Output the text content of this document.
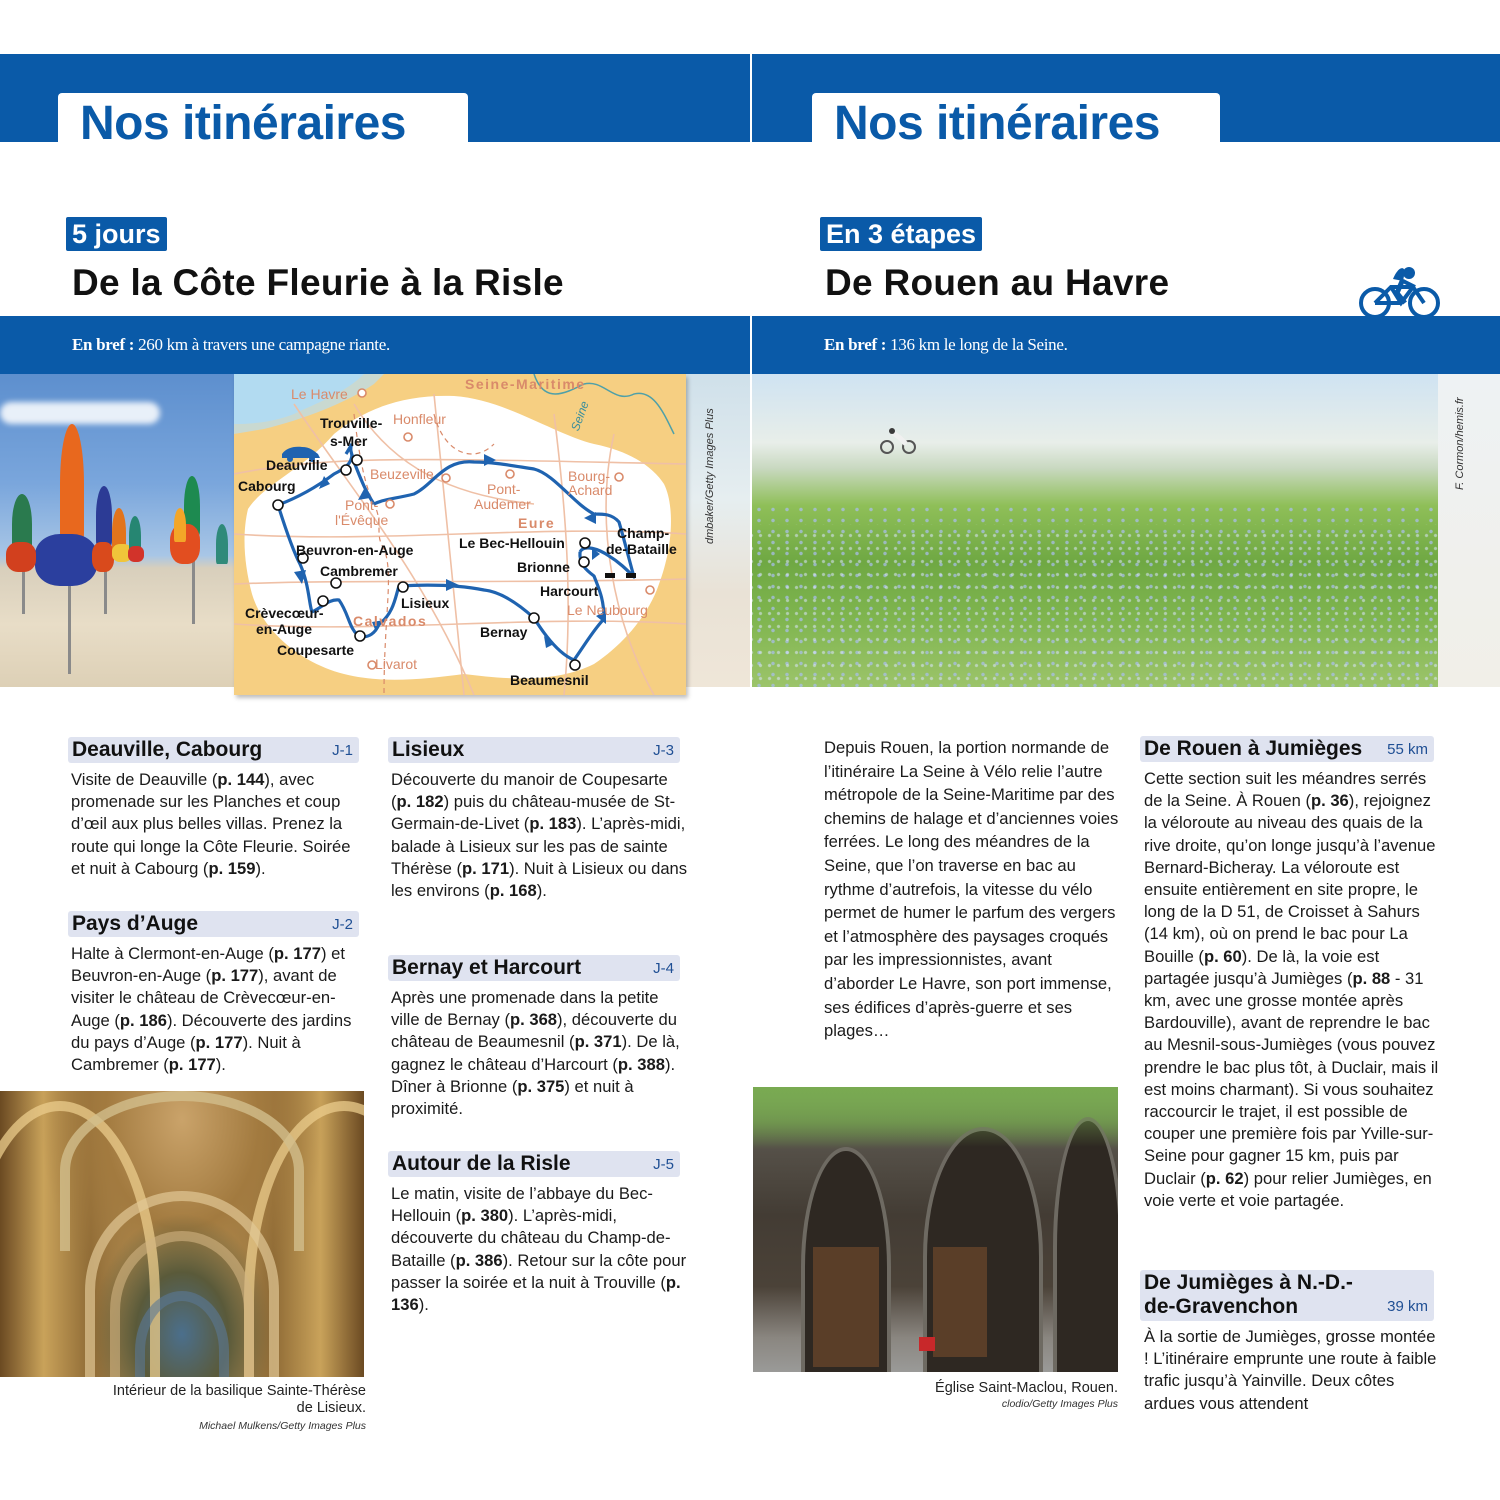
Nos itinéraires
5 jours
De la Côte Fleurie à la Risle
En bref : 260 km à travers une campagne riante.
dmbaker/Getty Images Plus
Le Havre
Seine-Maritime
Seine
Trouville-
s-Mer
Honfleur
Deauville
Beuzeville	Bourg-
Achard
Cabourg
Pont-
l'Évêque
Pont-
Audemer
Eure
Champ-
de-Bataille
Le Bec-Hellouin
Beuvron-en-Auge
Brionne
Cambremer
Harcourt
Lisieux	Le Neubourg
Crèvecœur-
en-Auge	Calvados
Bernay
Coupesarte
Livarot
Beaumesnil
Deauville, Cabourg	J-1
Visite de Deauville (p. 144), avec promenade sur les Planches et coup d’œil aux plus belles villas. Prenez la route qui longe la Côte Fleurie. Soirée et nuit à Cabourg (p. 159).
Pays d’Auge	J-2
Halte à Clermont-en-Auge (p. 177) et Beuvron-en-Auge (p. 177), avant de visiter le château de Crèvecœur-en-Auge (p. 186). Découverte des jardins du pays d’Auge (p. 177). Nuit à Cambremer (p. 177).
Lisieux	J-3
Découverte du manoir de Coupesarte (p. 182) puis du château-musée de St-Germain-de-Livet (p. 183). L’après-midi, balade à Lisieux sur les pas de sainte Thérèse (p. 171). Nuit à Lisieux ou dans les environs (p. 168).
Bernay et Harcourt	J-4
Après une promenade dans la petite ville de Bernay (p. 368), découverte du château de Beaumesnil (p. 371). De là, gagnez le château d’Harcourt (p. 388). Dîner à Brionne (p. 375) et nuit à proximité.
Autour de la Risle	J-5
Le matin, visite de l’abbaye du Bec-Hellouin (p. 380). L’après-midi, découverte du château du Champ-de-Bataille (p. 386). Retour sur la côte pour passer la soirée et la nuit à Trouville (p. 136).
Intérieur de la basilique Sainte-Thérèse
de Lisieux.
Michael Mulkens/Getty Images Plus
Nos itinéraires
En 3 étapes
De Rouen au Havre
En bref : 136 km le long de la Seine.
F. Cormon/hemis.fr
Depuis Rouen, la portion normande de l’itinéraire La Seine à Vélo relie l’autre métropole de la Seine-Maritime par des chemins de halage et d’anciennes voies ferrées. Le long des méandres de la Seine, que l’on traverse en bac au rythme d’autrefois, la vitesse du vélo permet de humer le parfum des vergers et l’atmosphère des paysages croqués par les impressionnistes, avant d’aborder Le Havre, son port immense, ses édifices d’après-guerre et ses plages…
De Rouen à Jumièges 55 km
Cette section suit les méandres serrés de la Seine. À Rouen (p. 36), rejoignez la véloroute au niveau des quais de la rive droite, qu’on longe jusqu’à l’avenue Bernard-Bicheray. La véloroute est ensuite entièrement en site propre, le long de la D 51, de Croisset à Sahurs (14 km), où on prend le bac pour La Bouille (p. 60). De là, la voie est partagée jusqu’à Jumièges (p. 88 - 31 km, avec une grosse montée après Bardouville), avant de reprendre le bac au Mesnil-sous-Jumièges (vous pouvez prendre le bac plus tôt, à Duclair, mais il est moins charmant). Si vous souhaitez raccourcir le trajet, il est possible de couper une première fois par Yville-sur-Seine pour gagner 15 km, puis par Duclair (p. 62) pour relier Jumièges, en voie verte et voie partagée.
De Jumièges à N.-D.-
de-Gravenchon	39 km
À la sortie de Jumièges, grosse montée ! L’itinéraire emprunte une route à faible trafic jusqu’à Yainville. Deux côtes ardues vous attendent
Église Saint-Maclou, Rouen.
clodio/Getty Images Plus
